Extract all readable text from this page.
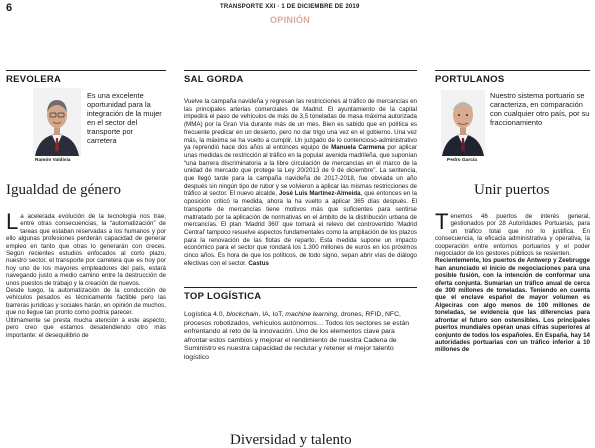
6	TRANSPORTE XXI · 1 DE DICIEMBRE DE 2019
OPINIÓN
REVOLERA
Ramón Valdivia
Es una excelente oportunidad para la integración de la mujer en el sector del transporte por carretera
Igualdad de género
La acelerada evolución de la tecnología nos trae, entre otras consecuencias, la “automatización” de tareas que estaban reservadas a los humanos y por ello algunas profesiones perderán capacidad de generar empleo en tanto que otras lo generarán con creces. Según recientes estudios enfocados al corto plazo, nuestro sector, el transporte por carretera que es hoy por hoy uno de los mayores empleadores del país, estará navegando justo a medio camino entre la destrucción de unos puestos de trabajo y la creación de nuevos.
Desde luego, la automatización de la conducción de vehículos pesados es técnicamente factible pero las barreras jurídicas y sociales harán, en opinión de muchos, que no llegue tan pronto como podría parecer.
Últimamente se presta mucha atención a este aspecto, pero creo que estamos desatendiendo otro más importante: el desequilibrio de
SAL GORDA
Vuelve la campaña navideña y regresan las restricciones al tráfico de mercancías en las principales arterias comerciales de Madrid. El ayuntamiento de la capital impedirá el paso de vehículos de más de 3,5 toneladas de masa máxima autorizada (MMA) por la Gran Vía durante más de un mes. Bien es sabido que en política es frecuente predicar en un desierto, pero no dar trigo una vez en el gobierno. Una vez más, la máxima se ha vuelto a cumplir. Un juzgado de lo contencioso-administrativo ya reprendió hace dos años al entonces equipo de Manuela Carmena por aplicar unas medidas de restricción al tráfico en la popular avenida madrileña, que suponían “una barrera discriminatoria a la libre circulación de mercancías en el marco de la unidad de mercado que protege la Ley 20/2013 de 9 de diciembre”. La sentencia, que llegó tarde para la campaña navideña de 2017-2018, fue obviada un año después sin ningún tipo de rubor y se volvieron a aplicar las mismas restricciones de tráfico al sector. El nuevo alcalde, José Luis Martínez-Almeida, que entonces en la oposición criticó la medida, ahora la ha vuelto a aplicar 365 días después. El transporte de mercancías tiene motivos más que suficientes para sentirse maltratado por la aplicación de normativas en el ámbito de la distribución urbana de mercancías. El plan ‘Madrid 360’ que tomará el relevo del controvertido ‘Madrid Central’ tampoco resuelve aspectos fundamentales como la ampliación de los plazos para la renovación de las flotas de reparto. Esta medida supone un impacto económico para el sector que rondará los 1.300 millones de euros en los próximos cinco años. Es hora de que los políticos, de todo signo, sepan abrir vías de diálogo efectivas con el sector. Castus
TOP LOGÍSTICA
Logística 4.0, blockchain, IA, IoT, machine learning, drones, RFID, NFC, procesos robotizados, vehículos autónomos… Todos los sectores se están enfrentando al reto de la innovación. Uno de los elementos clave para afrontar estos cambios y mejorar el rendimiento de nuestra Cadena de Suministro es nuestra capacidad de reclutar y retener el mejor talento logístico
Diversidad y talento
PORTULANOS
Pedro García
Nuestro sistema portuario se caracteriza, en comparación con cualquier otro país, por su fraccionamiento
Unir puertos
Tenemos 46 puertos de interés general, gestionados por 28 Autoridades Portuarias, para un tráfico total que no lo justifica. En consecuencia, la eficacia administrativa y operativa, la cooperación entre entornos portuarios y el poder negociador de los gestores públicos se resienten.
Recientemente, los puertos de Antwerp y Zeebrugge han anunciado el inicio de negociaciones para una posible fusión, con la intención de conformar una oferta conjunta. Sumarían un tráfico anual de cerca de 300 millones de toneladas. Teniendo en cuenta que el enclave español de mayor volumen es Algeciras con algo menos de 100 millones de toneladas, se evidencia que las diferencias para afrontar el futuro son ostensibles. Los principales puertos mundiales operan unas cifras superiores al conjunto de todos los españoles. En España, hay 14 autoridades portuarias con un tráfico inferior a 10 millones de
